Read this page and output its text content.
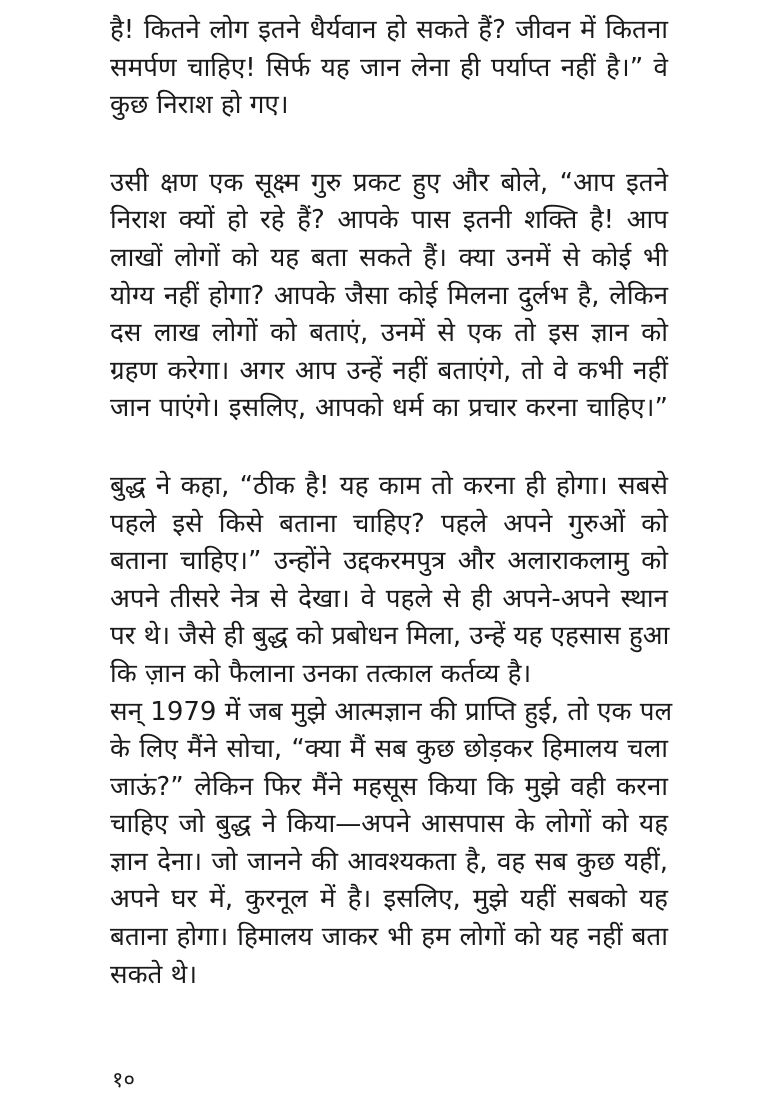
है! कितने लोग इतने धैर्यवान हो सकते हैं? जीवन में कितना
समर्पण चाहिए! सिर्फ यह जान लेना ही पर्याप्त नहीं है।” वे
कुछ निराश हो गए।
उसी क्षण एक सूक्ष्म गुरु प्रकट हुए और बोले, “आप इतने
निराश क्यों हो रहे हैं? आपके पास इतनी शक्ति है! आप
लाखों लोगों को यह बता सकते हैं। क्या उनमें से कोई भी
योग्य नहीं होगा? आपके जैसा कोई मिलना दुर्लभ है, लेकिन
दस लाख लोगों को बताएं, उनमें से एक तो इस ज्ञान को
ग्रहण करेगा। अगर आप उन्हें नहीं बताएंगे, तो वे कभी नहीं
जान पाएंगे। इसलिए, आपको धर्म का प्रचार करना चाहिए।”
बुद्ध ने कहा, “ठीक है! यह काम तो करना ही होगा। सबसे
पहले इसे किसे बताना चाहिए? पहले अपने गुरुओं को
बताना चाहिए।” उन्होंने उद्दकरमपुत्र और अलाराकलामु को
अपने तीसरे नेत्र से देखा। वे पहले से ही अपने-अपने स्थान
पर थे। जैसे ही बुद्ध को प्रबोधन मिला, उन्हें यह एहसास हुआ
कि ज़ान को फैलाना उनका तत्काल कर्तव्य है।
सन् 1979 में जब मुझे आत्मज्ञान की प्राप्ति हुई, तो एक पल
के लिए मैंने सोचा, “क्या मैं सब कुछ छोड़कर हिमालय चला
जाऊं?” लेकिन फिर मैंने महसूस किया कि मुझे वही करना
चाहिए जो बुद्ध ने किया—अपने आसपास के लोगों को यह
ज्ञान देना। जो जानने की आवश्यकता है, वह सब कुछ यहीं,
अपने घर में, कुरनूल में है। इसलिए, मुझे यहीं सबको यह
बताना होगा। हिमालय जाकर भी हम लोगों को यह नहीं बता
सकते थे।
१०
